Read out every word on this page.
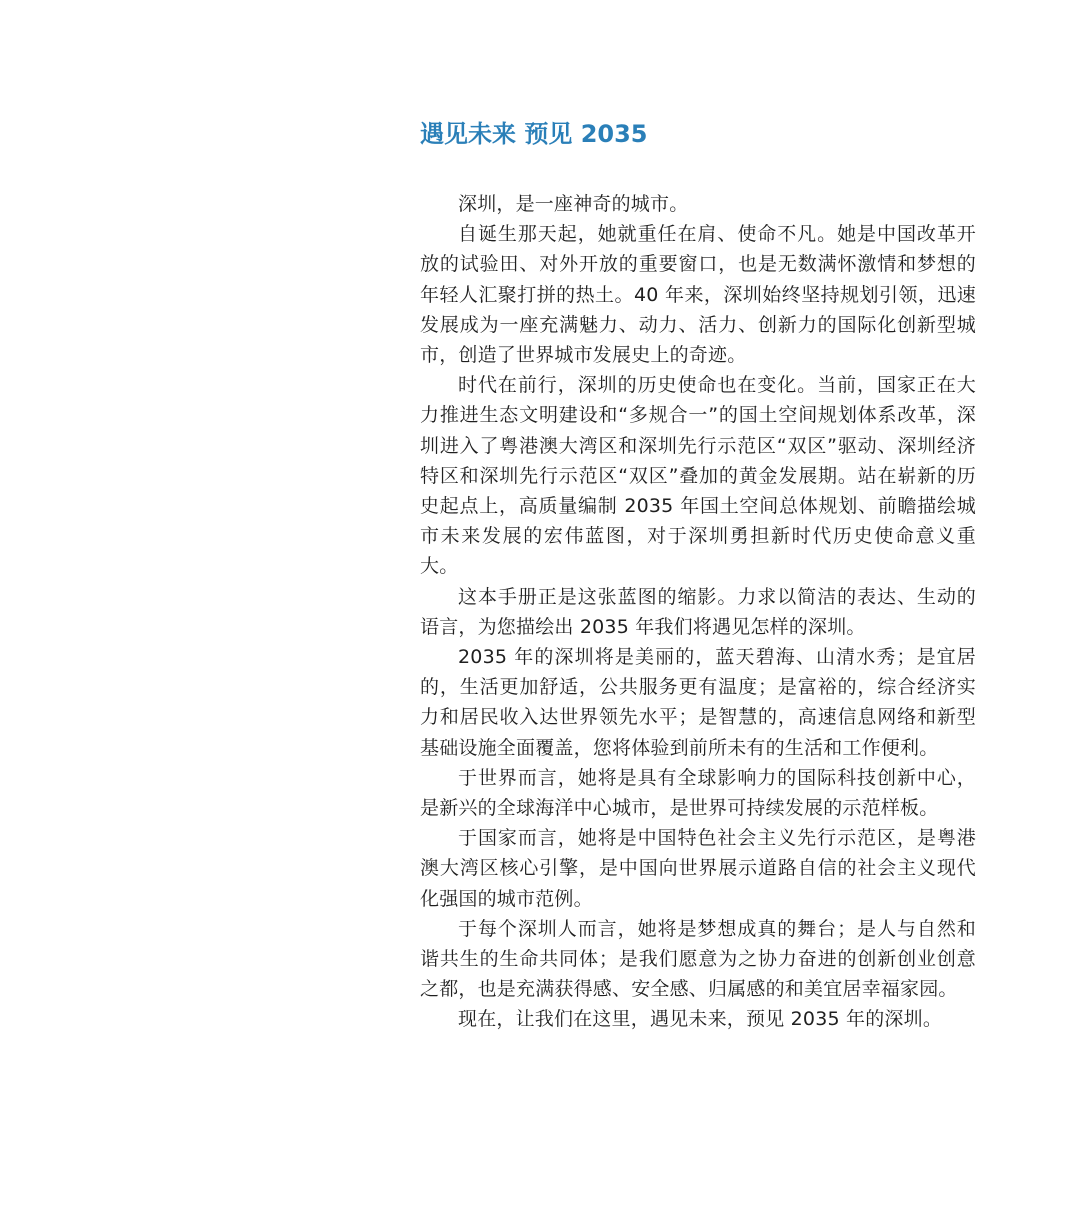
遇见未来 预见 2035

深圳，是一座神奇的城市。

自诞生那天起，她就重任在肩、使命不凡。她是中国改革开放的试验田、对外开放的重要窗口，也是无数满怀激情和梦想的年轻人汇聚打拼的热土。40 年来，深圳始终坚持规划引领，迅速发展成为一座充满魅力、动力、活力、创新力的国际化创新型城市，创造了世界城市发展史上的奇迹。

时代在前行，深圳的历史使命也在变化。当前，国家正在大力推进生态文明建设和“多规合一”的国土空间规划体系改革，深圳进入了粤港澳大湾区和深圳先行示范区“双区”驱动、深圳经济特区和深圳先行示范区“双区”叠加的黄金发展期。站在崭新的历史起点上，高质量编制 2035 年国土空间总体规划、前瞻描绘城市未来发展的宏伟蓝图，对于深圳勇担新时代历史使命意义重大。

这本手册正是这张蓝图的缩影。力求以简洁的表达、生动的语言，为您描绘出 2035 年我们将遇见怎样的深圳。

2035 年的深圳将是美丽的，蓝天碧海、山清水秀；是宜居的，生活更加舒适，公共服务更有温度；是富裕的，综合经济实力和居民收入达世界领先水平；是智慧的，高速信息网络和新型基础设施全面覆盖，您将体验到前所未有的生活和工作便利。

于世界而言，她将是具有全球影响力的国际科技创新中心，是新兴的全球海洋中心城市，是世界可持续发展的示范样板。

于国家而言，她将是中国特色社会主义先行示范区，是粤港澳大湾区核心引擎，是中国向世界展示道路自信的社会主义现代化强国的城市范例。

于每个深圳人而言，她将是梦想成真的舞台；是人与自然和谐共生的生命共同体；是我们愿意为之协力奋进的创新创业创意之都，也是充满获得感、安全感、归属感的和美宜居幸福家园。

现在，让我们在这里，遇见未来，预见 2035 年的深圳。
